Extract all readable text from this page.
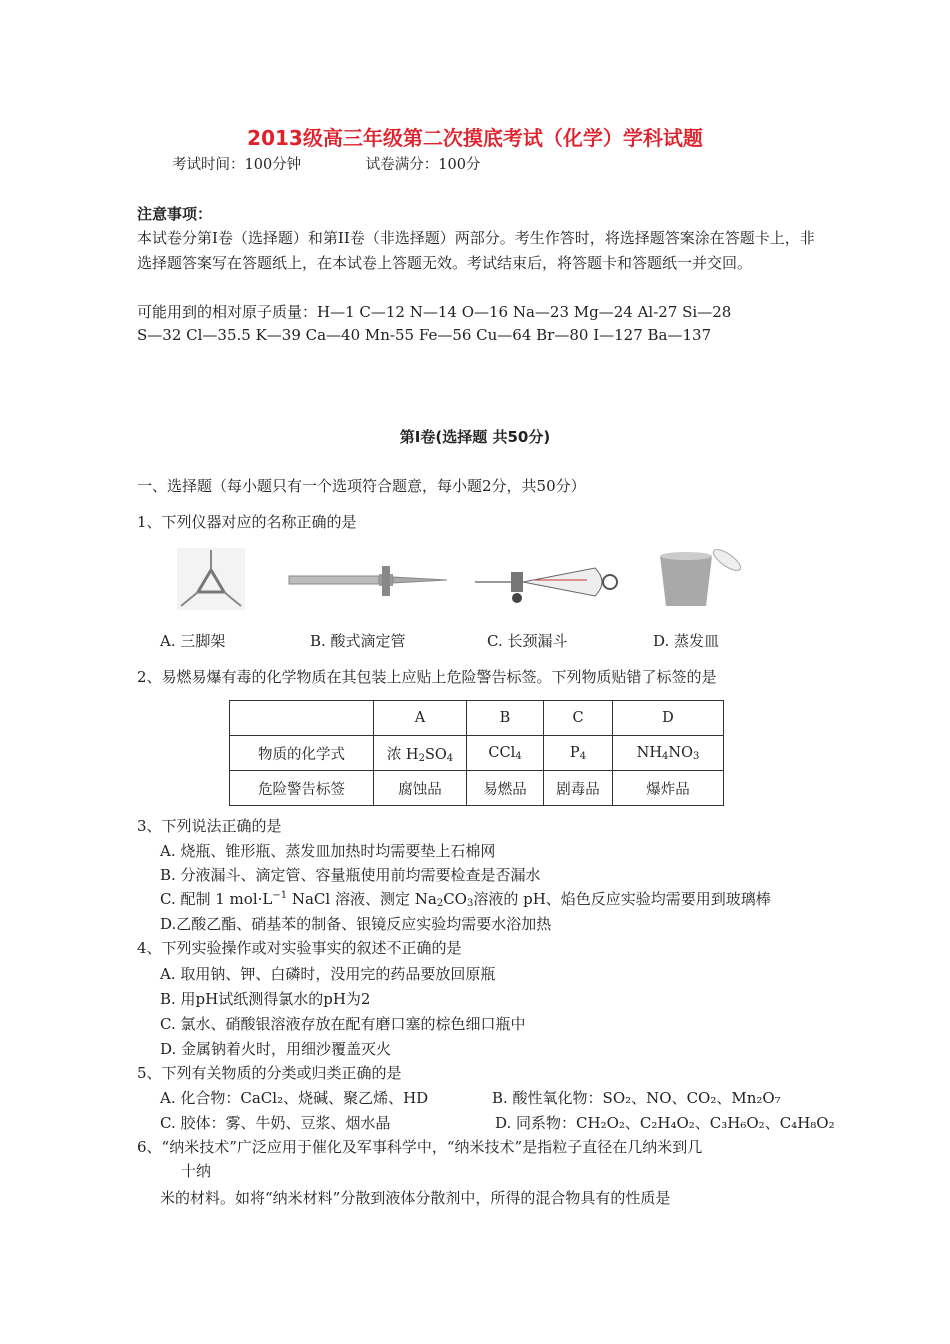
2013级高三年级第二次摸底考试（化学）学科试题
考试时间：100分钟	试卷满分：100分
注意事项：
本试卷分第I卷（选择题）和第II卷（非选择题）两部分。考生作答时，将选择题答案涂在答题卡上，非选择题答案写在答题纸上，在本试卷上答题无效。考试结束后，将答题卡和答题纸一并交回。
可能用到的相对原子质量：H—1 C—12 N—14 O—16 Na—23 Mg—24 Al-27 Si—28
S—32 Cl—35.5 K—39 Ca—40 Mn-55 Fe—56 Cu—64 Br—80 I—127 Ba—137
第I卷(选择题 共50分)
一、选择题（每小题只有一个选项符合题意，每小题2分，共50分）
1、下列仪器对应的名称正确的是
A. 三脚架	B. 酸式滴定管	C. 长颈漏斗	D. 蒸发皿
2、易燃易爆有毒的化学物质在其包装上应贴上危险警告标签。下列物质贴错了标签的是
	A	B	C	D
物质的化学式	浓 $H_2SO_4$	CCl$_4$	$P_4$	$NH_4NO_3$
危险警告标签	腐蚀品	易燃品	剧毒品	爆炸品
3、下列说法正确的是
A. 烧瓶、锥形瓶、蒸发皿加热时均需要垫上石棉网
B. 分液漏斗、滴定管、容量瓶使用前均需要检查是否漏水
C. 配制 1 $mol\cdot L^{-1}$ NaCl 溶液、测定 $Na_2CO_3$溶液的 pH、焰色反应实验均需要用到玻璃棒
D.乙酸乙酯、硝基苯的制备、银镜反应实验均需要水浴加热
4、下列实验操作或对实验事实的叙述不正确的是
A. 取用钠、钾、白磷时，没用完的药品要放回原瓶
B. 用pH试纸测得氯水的pH为2
C. 氯水、硝酸银溶液存放在配有磨口塞的棕色细口瓶中
D. 金属钠着火时，用细沙覆盖灭火
5、下列有关物质的分类或归类正确的是
A. 化合物：CaCl₂、烧碱、聚乙烯、HD	B. 酸性氧化物：SO₂、NO、CO₂、Mn₂O₇
C. 胶体：雾、牛奶、豆浆、烟水晶	D. 同系物：CH₂O₂、C₂H₄O₂、C₃H₆O₂、C₄H₈O₂
6、“纳米技术”广泛应用于催化及军事科学中，“纳米技术”是指粒子直径在几纳米到几
十纳
米的材料。如将“纳米材料”分散到液体分散剂中，所得的混合物具有的性质是
